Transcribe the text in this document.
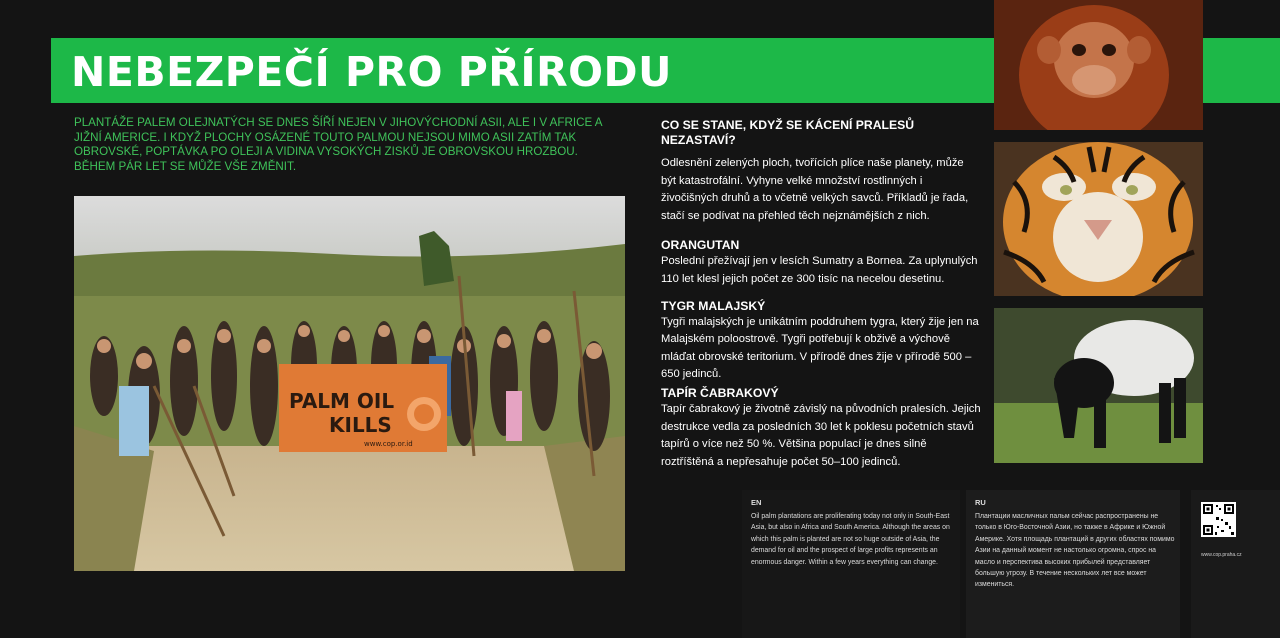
NEBEZPEČÍ PRO PŘÍRODU

PLANTÁŽE PALEM OLEJNATÝCH SE DNES ŠÍŘÍ NEJEN V JIHOVÝCHODNÍ ASII, ALE I V AFRICE A JIŽNÍ AMERICE. I KDYŽ PLOCHY OSÁZENÉ TOUTO PALMOU NEJSOU MIMO ASII ZATÍM TAK OBROVSKÉ, POPTÁVKA PO OLEJI A VIDINA VYSOKÝCH ZISKŮ JE OBROVSKOU HROZBOU.

BĚHEM PÁR LET SE MŮŽE VŠE ZMĚNIT.

PALM OIL
KILLS
www.cop.or.id
CO SE STANE, KDYŽ SE KÁCENÍ PRALESŮ NEZASTAVÍ?

Odlesnění zelených ploch, tvořících plíce naše planety, může být katastrofální. Vyhyne velké množství rostlinných i živočišných druhů a to včetně velkých savců. Příkladů je řada, stačí se podívat na přehled těch nejznámějších z nich.

ORANGUTAN

Poslední přežívají jen v lesích Sumatry a Bornea. Za uplynulých 110 let klesl jejich počet ze 300 tisíc na necelou desetinu.

TYGR MALAJSKÝ

Tygři malajských je unikátním poddruhem tygra, který žije jen na Malajském poloostrově. Tygři potřebují k obživě a výchově mláďat obrovské teritorium. V přírodě dnes žije v přírodě 500 – 650 jedinců.

TAPÍR ČABRAKOVÝ

Tapír čabrakový je životně závislý na původních pralesích. Jejich destrukce vedla za posledních 30 let k poklesu početních stavů tapírů o více než 50 %. Většina populací je dnes silně roztříštěná a nepřesahuje počet 50–100 jedinců.

EN

Oil palm plantations are proliferating today not only in South-East Asia, but also in Africa and South America. Although the areas on which this palm is planted are not so huge outside of Asia, the demand for oil and the prospect of large profits represents an enormous danger. Within a few years everything can change.

RU

Плантации масличных пальм сейчас распространены не только в Юго-Восточной Азии, но также в Африке и Южной Америке. Хотя площадь плантаций в других областях помимо Азии на данный момент не настолько огромна, спрос на масло и перспектива высоких прибылей представляет большую угрозу. В течение нескольких лет все может измениться.

www.cop.praha.cz
